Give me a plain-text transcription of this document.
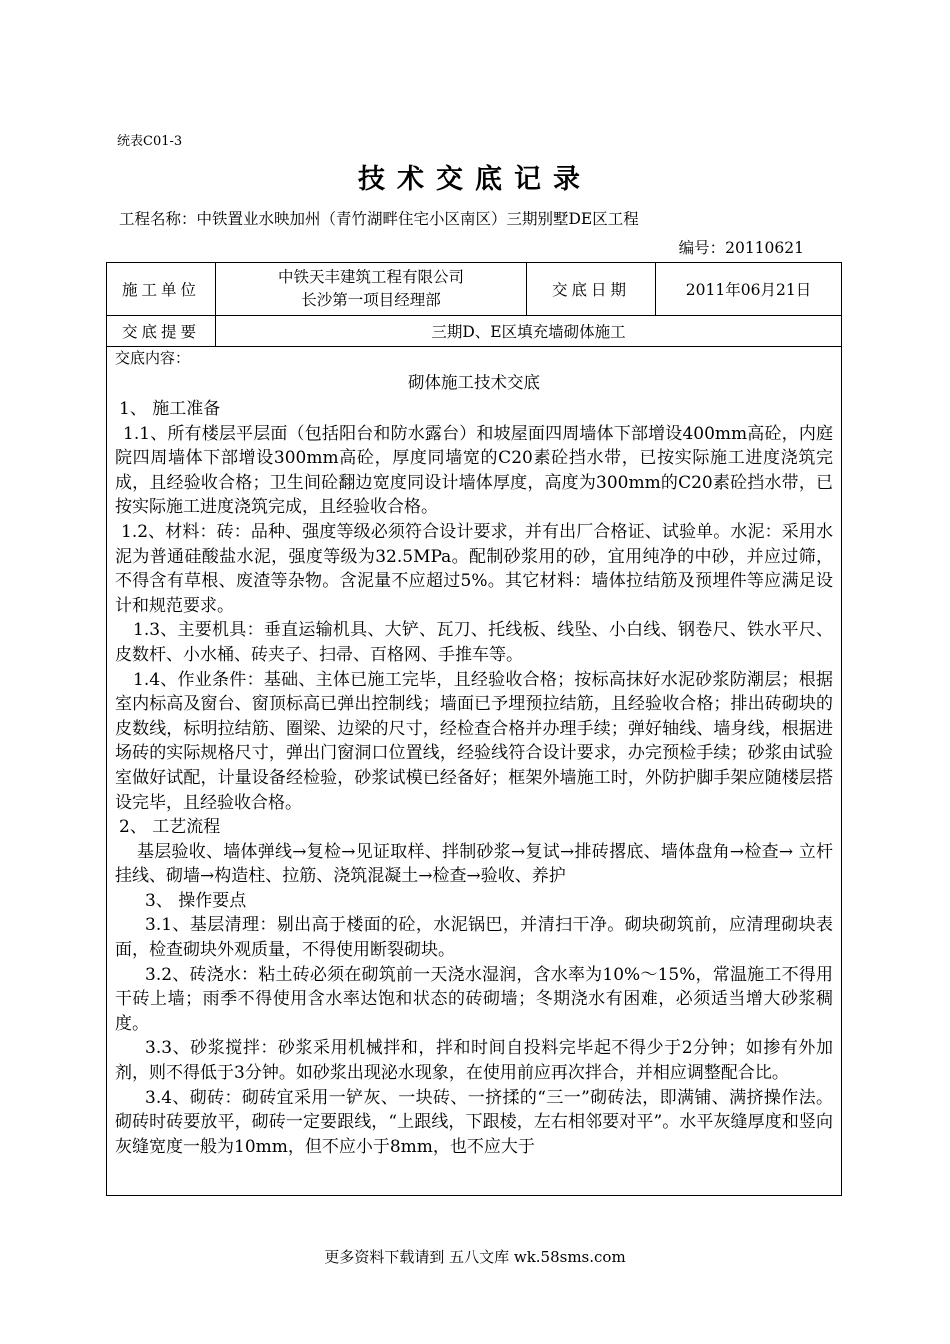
统表C01-3
技术交底记录
工程名称：中铁置业水映加州（青竹湖畔住宅小区南区）三期别墅DE区工程
编号：20110621
施工单位
中铁天丰建筑工程有限公司
长沙第一项目经理部
交底日期	2011年06月21日
交底提要	三期D、E区填充墙砌体施工

交底内容：

砌体施工技术交底

1、 施工准备

1.1、所有楼层平层面（包括阳台和防水露台）和坡屋面四周墙体下部增设400mm高砼，内庭院四周墙体下部增设300mm高砼，厚度同墙宽的C20素砼挡水带，已按实际施工进度浇筑完成，且经验收合格；卫生间砼翻边宽度同设计墙体厚度，高度为300mm的C20素砼挡水带，已按实际施工进度浇筑完成，且经验收合格。

1.2、材料：砖：品种、强度等级必须符合设计要求，并有出厂合格证、试验单。水泥：采用水泥为普通硅酸盐水泥，强度等级为32.5MPa。配制砂浆用的砂，宜用纯净的中砂，并应过筛，不得含有草根、废渣等杂物。含泥量不应超过5%。其它材料：墙体拉结筋及预埋件等应满足设计和规范要求。

1.3、主要机具：垂直运输机具、大铲、瓦刀、托线板、线坠、小白线、钢卷尺、铁水平尺、皮数杆、小水桶、砖夹子、扫帚、百格网、手推车等。

1.4、作业条件：基础、主体已施工完毕，且经验收合格；按标高抹好水泥砂浆防潮层；根据室内标高及窗台、窗顶标高已弹出控制线；墙面已予埋预拉结筋，且经验收合格；排出砖砌块的皮数线，标明拉结筋、圈梁、边梁的尺寸，经检查合格并办理手续；弹好轴线、墙身线，根据进场砖的实际规格尺寸，弹出门窗洞口位置线，经验线符合设计要求，办完预检手续；砂浆由试验室做好试配，计量设备经检验，砂浆试模已经备好；框架外墙施工时，外防护脚手架应随楼层搭设完毕，且经验收合格。

2、 工艺流程

基层验收、墙体弹线→复检→见证取样、拌制砂浆→复试→排砖撂底、墙体盘角→检查→ 立杆挂线、砌墙→构造柱、拉筋、浇筑混凝土→检查→验收、养护

3、 操作要点

3.1、基层清理：剔出高于楼面的砼，水泥锅巴，并清扫干净。砌块砌筑前，应清理砌块表面，检查砌块外观质量，不得使用断裂砌块。

3.2、砖浇水：粘土砖必须在砌筑前一天浇水湿润，含水率为10%～15%，常温施工不得用干砖上墙；雨季不得使用含水率达饱和状态的砖砌墙；冬期浇水有困难，必须适当增大砂浆稠度。

3.3、砂浆搅拌：砂浆采用机械拌和，拌和时间自投料完毕起不得少于2分钟；如掺有外加剂，则不得低于3分钟。如砂浆出现泌水现象，在使用前应再次拌合，并相应调整配合比。

3.4、砌砖：砌砖宜采用一铲灰、一块砖、一挤揉的“三一”砌砖法，即满铺、满挤操作法。砌砖时砖要放平，砌砖一定要跟线，“上跟线，下跟棱，左右相邻要对平”。水平灰缝厚度和竖向灰缝宽度一般为10mm，但不应小于8mm，也不应大于

更多资料下载请到 五八文库 wk.58sms.com
